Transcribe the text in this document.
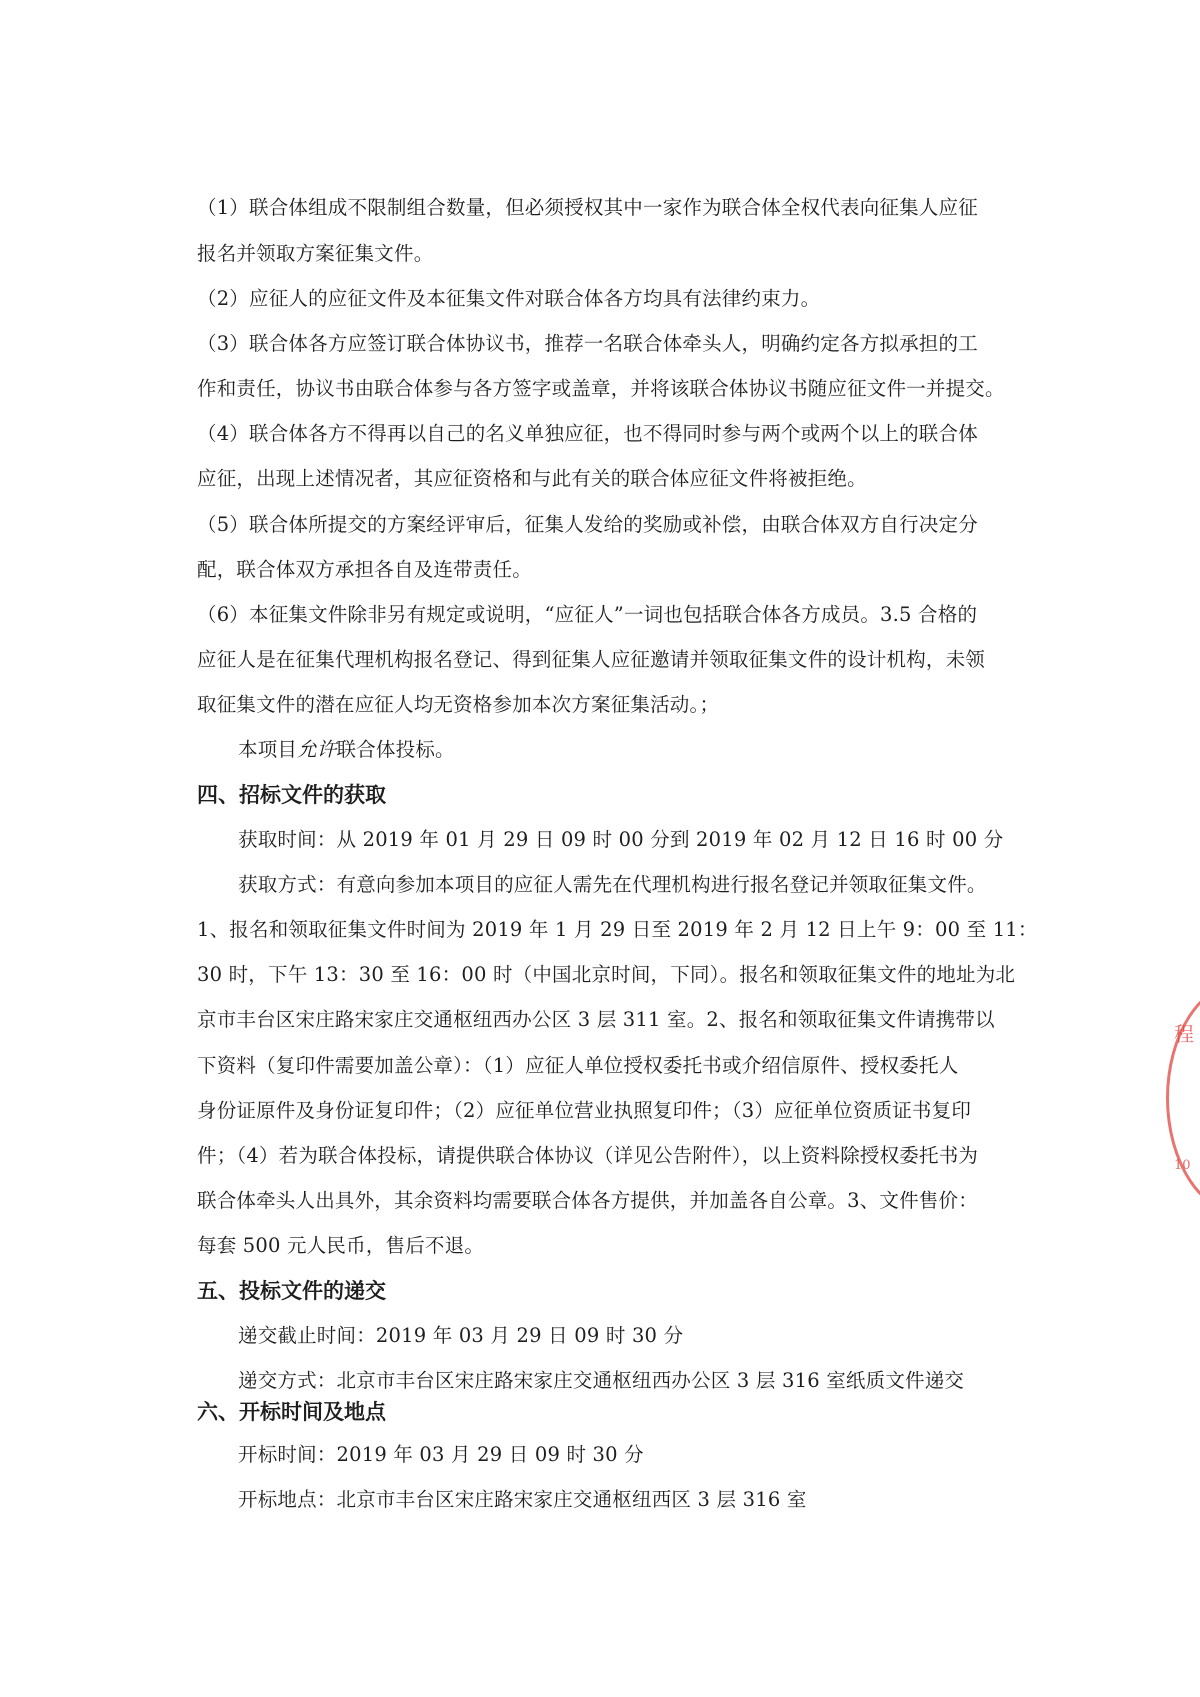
（1）联合体组成不限制组合数量，但必须授权其中一家作为联合体全权代表向征集人应征
报名并领取方案征集文件。
（2）应征人的应征文件及本征集文件对联合体各方均具有法律约束力。
（3）联合体各方应签订联合体协议书，推荐一名联合体牵头人，明确约定各方拟承担的工
作和责任，协议书由联合体参与各方签字或盖章，并将该联合体协议书随应征文件一并提交。
（4）联合体各方不得再以自己的名义单独应征，也不得同时参与两个或两个以上的联合体
应征，出现上述情况者，其应征资格和与此有关的联合体应征文件将被拒绝。
（5）联合体所提交的方案经评审后，征集人发给的奖励或补偿，由联合体双方自行决定分
配，联合体双方承担各自及连带责任。
（6）本征集文件除非另有规定或说明，“应征人”一词也包括联合体各方成员。3.5 合格的
应征人是在征集代理机构报名登记、得到征集人应征邀请并领取征集文件的设计机构，未领
取征集文件的潜在应征人均无资格参加本次方案征集活动。；
本项目允许联合体投标。
四、招标文件的获取
获取时间：从 2019 年 01 月 29 日 09 时 00 分到 2019 年 02 月 12 日 16 时 00 分
获取方式：有意向参加本项目的应征人需先在代理机构进行报名登记并领取征集文件。
1、报名和领取征集文件时间为 2019 年 1 月 29 日至 2019 年 2 月 12 日上午 9：00 至 11：
30 时，下午 13：30 至 16：00 时（中国北京时间，下同）。报名和领取征集文件的地址为北
京市丰台区宋庄路宋家庄交通枢纽西办公区 3 层 311 室。2、报名和领取征集文件请携带以
下资料（复印件需要加盖公章）：（1）应征人单位授权委托书或介绍信原件、授权委托人
身份证原件及身份证复印件；（2）应征单位营业执照复印件；（3）应征单位资质证书复印
件；（4）若为联合体投标，请提供联合体协议（详见公告附件），以上资料除授权委托书为
联合体牵头人出具外，其余资料均需要联合体各方提供，并加盖各自公章。3、文件售价：
每套 500 元人民币，售后不退。
五、投标文件的递交
递交截止时间：2019 年 03 月 29 日 09 时 30 分
递交方式：北京市丰台区宋庄路宋家庄交通枢纽西办公区 3 层 316 室纸质文件递交
六、开标时间及地点
开标时间：2019 年 03 月 29 日 09 时 30 分
开标地点：北京市丰台区宋庄路宋家庄交通枢纽西区 3 层 316 室
程
10
